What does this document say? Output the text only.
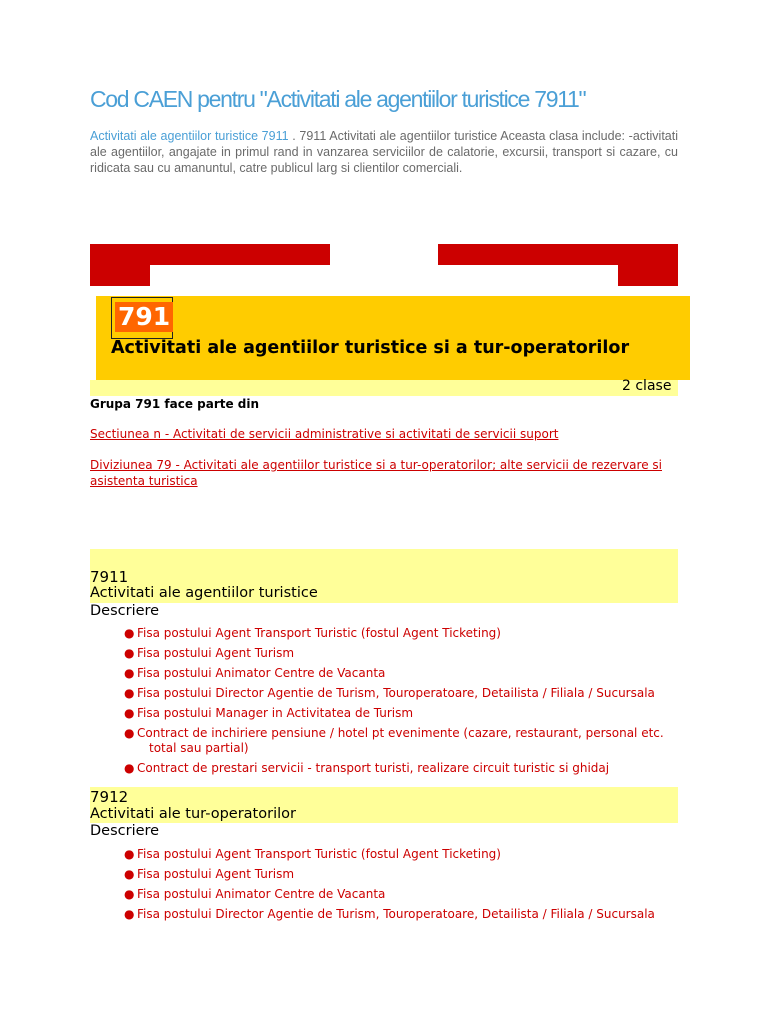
Cod CAEN pentru "Activitati ale agentiilor turistice 7911"
Activitati ale agentiilor turistice 7911 . 7911 Activitati ale agentiilor turistice Aceasta clasa include: -activitati ale agentiilor, angajate in primul rand in vanzarea serviciilor de calatorie, excursii, transport si cazare, cu ridicata sau cu amanuntul, catre publicul larg si clientilor comerciali.
791
Activitati ale agentiilor turistice si a tur-operatorilor
2 clase
Grupa 791 face parte din
Sectiunea n - Activitati de servicii administrative si activitati de servicii suport
Diviziunea 79 - Activitati ale agentiilor turistice si a tur-operatorilor; alte servicii de rezervare si
asistenta turistica
7911
Activitati ale agentiilor turistice
Descriere
● Fisa postului Agent Transport Turistic (fostul Agent Ticketing)
● Fisa postului Agent Turism
● Fisa postului Animator Centre de Vacanta
● Fisa postului Director Agentie de Turism, Touroperatoare, Detailista / Filiala / Sucursala
● Fisa postului Manager in Activitatea de Turism
● Contract de inchiriere pensiune / hotel pt evenimente (cazare, restaurant, personal etc.
total sau partial)
● Contract de prestari servicii - transport turisti, realizare circuit turistic si ghidaj
7912
Activitati ale tur-operatorilor
Descriere
● Fisa postului Agent Transport Turistic (fostul Agent Ticketing)
● Fisa postului Agent Turism
● Fisa postului Animator Centre de Vacanta
● Fisa postului Director Agentie de Turism, Touroperatoare, Detailista / Filiala / Sucursala
